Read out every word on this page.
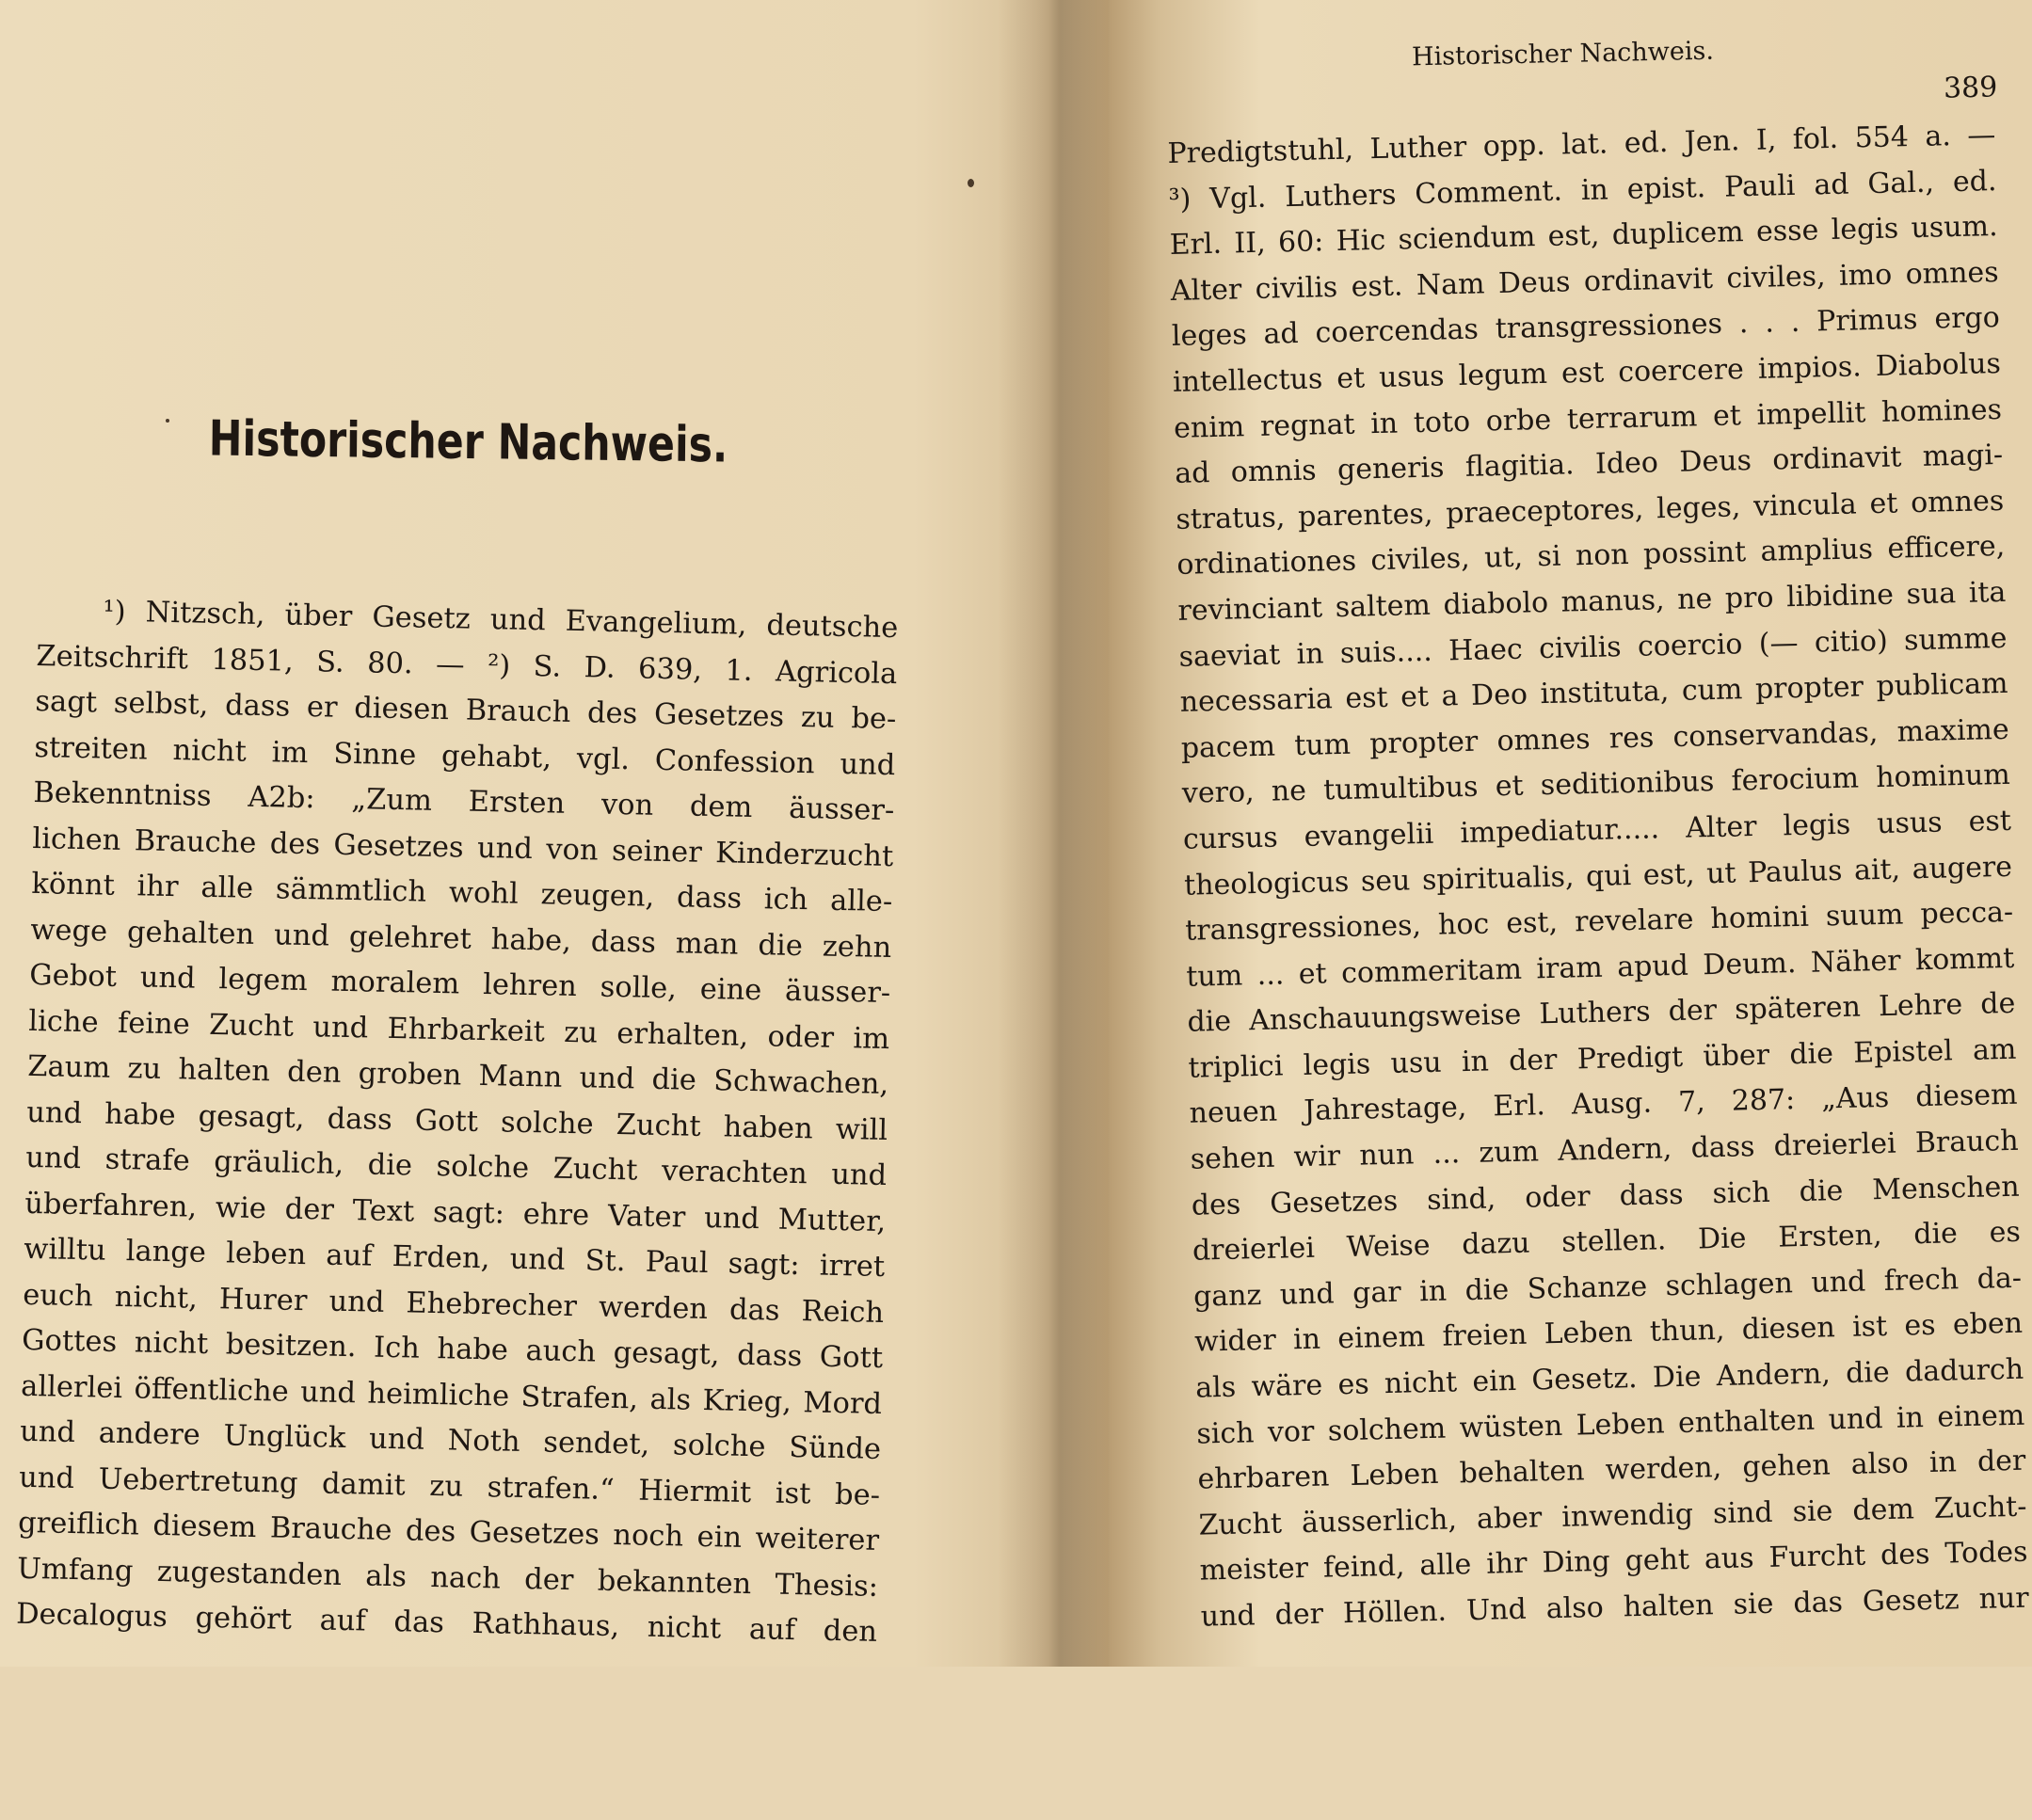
Historischer Nachweis.
¹) Nitzsch, über Gesetz und Evangelium, deutsche
Zeitschrift 1851, S. 80. — ²) S. D. 639, 1. Agricola
sagt selbst, dass er diesen Brauch des Gesetzes zu be-
streiten nicht im Sinne gehabt, vgl. Confession und
Bekenntniss A2b: „Zum Ersten von dem äusser-
lichen Brauche des Gesetzes und von seiner Kinderzucht
könnt ihr alle sämmtlich wohl zeugen, dass ich alle-
wege gehalten und gelehret habe, dass man die zehn
Gebot und legem moralem lehren solle, eine äusser-
liche feine Zucht und Ehrbarkeit zu erhalten, oder im
Zaum zu halten den groben Mann und die Schwachen,
und habe gesagt, dass Gott solche Zucht haben will
und strafe gräulich, die solche Zucht verachten und
überfahren, wie der Text sagt: ehre Vater und Mutter,
willtu lange leben auf Erden, und St. Paul sagt: irret
euch nicht, Hurer und Ehebrecher werden das Reich
Gottes nicht besitzen. Ich habe auch gesagt, dass Gott
allerlei öffentliche und heimliche Strafen, als Krieg, Mord
und andere Unglück und Noth sendet, solche Sünde
und Uebertretung damit zu strafen.“ Hiermit ist be-
greiflich diesem Brauche des Gesetzes noch ein weiterer
Umfang zugestanden als nach der bekannten Thesis:
Decalogus gehört auf das Rathhaus, nicht auf den
Historischer Nachweis.
389
Predigtstuhl, Luther opp. lat. ed. Jen. I, fol. 554 a. —
³) Vgl. Luthers Comment. in epist. Pauli ad Gal., ed.
Erl. II, 60: Hic sciendum est, duplicem esse legis usum.
Alter civilis est. Nam Deus ordinavit civiles, imo omnes
leges ad coercendas transgressiones . . . Primus ergo
intellectus et usus legum est coercere impios. Diabolus
enim regnat in toto orbe terrarum et impellit homines
ad omnis generis flagitia. Ideo Deus ordinavit magi-
stratus, parentes, praeceptores, leges, vincula et omnes
ordinationes civiles, ut, si non possint amplius efficere,
revinciant saltem diabolo manus, ne pro libidine sua ita
saeviat in suis.... Haec civilis coercio (— citio) summe
necessaria est et a Deo instituta, cum propter publicam
pacem tum propter omnes res conservandas, maxime
vero, ne tumultibus et seditionibus ferocium hominum
cursus evangelii impediatur..... Alter legis usus est
theologicus seu spiritualis, qui est, ut Paulus ait, augere
transgressiones, hoc est, revelare homini suum pecca-
tum ... et commeritam iram apud Deum. Näher kommt
die Anschauungsweise Luthers der späteren Lehre de
triplici legis usu in der Predigt über die Epistel am
neuen Jahrestage, Erl. Ausg. 7, 287: „Aus diesem
sehen wir nun ... zum Andern, dass dreierlei Brauch
des Gesetzes sind, oder dass sich die Menschen
dreierlei Weise dazu stellen. Die Ersten, die es
ganz und gar in die Schanze schlagen und frech da-
wider in einem freien Leben thun, diesen ist es eben
als wäre es nicht ein Gesetz. Die Andern, die dadurch
sich vor solchem wüsten Leben enthalten und in einem
ehrbaren Leben behalten werden, gehen also in der
Zucht äusserlich, aber inwendig sind sie dem Zucht-
meister feind, alle ihr Ding geht aus Furcht des Todes
und der Höllen. Und also halten sie das Gesetz nur
